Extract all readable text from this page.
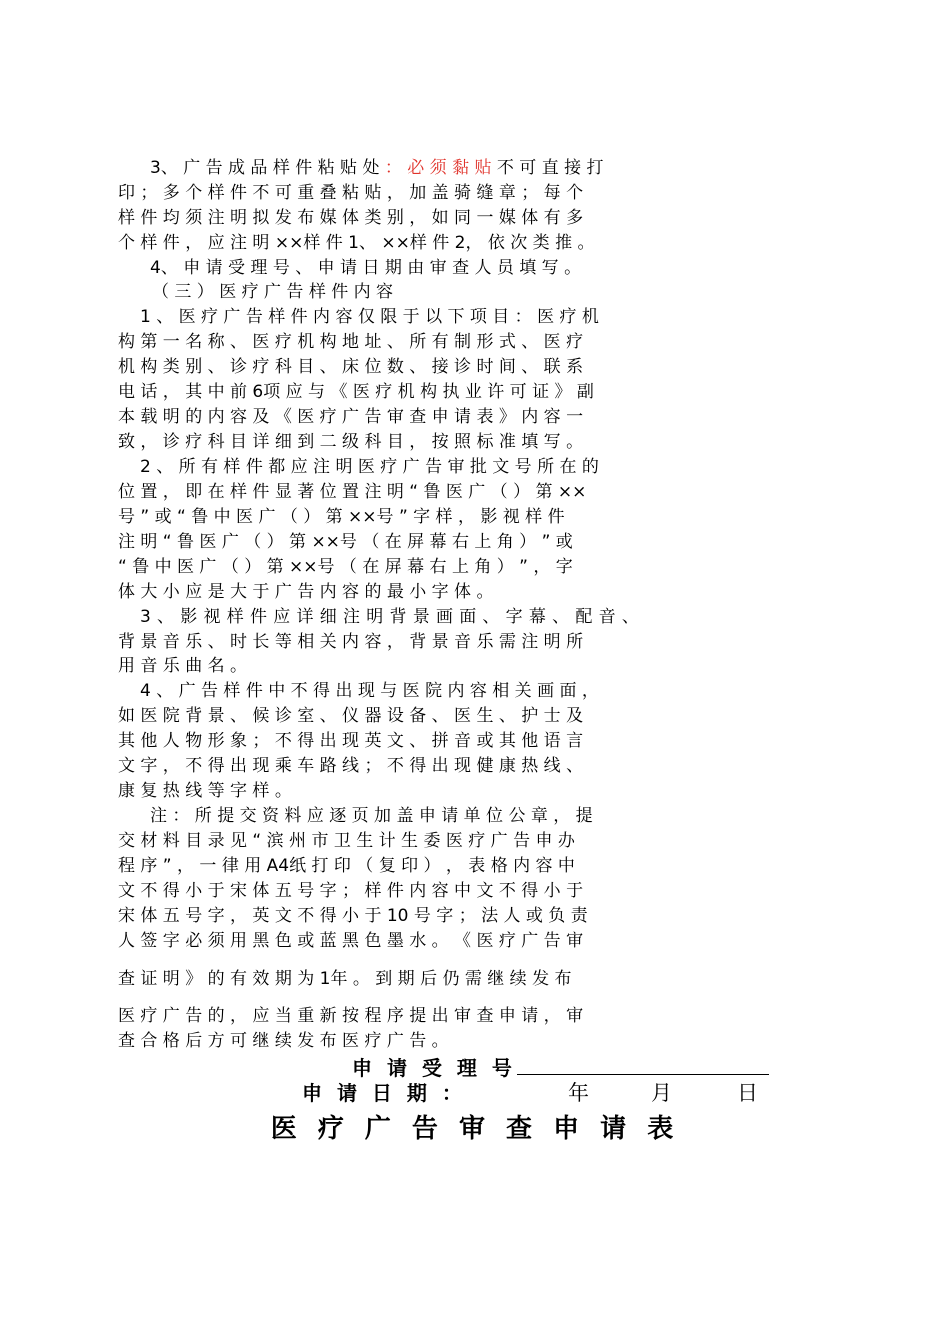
3、 广 告 成 品 样 件 粘 贴 处 ： 必 须 黏 贴 不 可 直 接 打
印 ； 多 个 样 件 不 可 重 叠 粘 贴 ， 加 盖 骑 缝 章 ； 每 个
样 件 均 须 注 明 拟 发 布 媒 体 类 别 ， 如 同 一 媒 体 有 多
个 样 件 ， 应 注 明 ××样 件 1、 ××样 件 2， 依 次 类 推 。
4、 申 请 受 理 号 、 申 请 日 期 由 审 查 人 员 填 写 。
（ 三 ） 医 疗 广 告 样 件 内 容
1 、 医 疗 广 告 样 件 内 容 仅 限 于 以 下 项 目 ： 医 疗 机
构 第 一 名 称 、 医 疗 机 构 地 址 、 所 有 制 形 式 、 医 疗
机 构 类 别 、 诊 疗 科 目 、 床 位 数 、 接 诊 时 间 、 联 系
电 话 ， 其 中 前 6项 应 与 《 医 疗 机 构 执 业 许 可 证 》 副
本 载 明 的 内 容 及 《 医 疗 广 告 审 查 申 请 表 》 内 容 一
致 ， 诊 疗 科 目 详 细 到 二 级 科 目 ， 按 照 标 准 填 写 。
2 、 所 有 样 件 都 应 注 明 医 疗 广 告 审 批 文 号 所 在 的
位 置 ， 即 在 样 件 显 著 位 置 注 明 “ 鲁 医 广 （ ） 第 ××
号 ” 或 “ 鲁 中 医 广 （ ） 第 ××号 ” 字 样 ， 影 视 样 件
注 明 “ 鲁 医 广 （ ） 第 ××号 （ 在 屏 幕 右 上 角 ） ” 或
“ 鲁 中 医 广 （ ） 第 ××号 （ 在 屏 幕 右 上 角 ） ” ， 字
体 大 小 应 是 大 于 广 告 内 容 的 最 小 字 体 。
3 、 影 视 样 件 应 详 细 注 明 背 景 画 面 、 字 幕 、 配 音 、
背 景 音 乐 、 时 长 等 相 关 内 容 ， 背 景 音 乐 需 注 明 所
用 音 乐 曲 名 。
4 、 广 告 样 件 中 不 得 出 现 与 医 院 内 容 相 关 画 面 ，
如 医 院 背 景 、 候 诊 室 、 仪 器 设 备 、 医 生 、 护 士 及
其 他 人 物 形 象 ； 不 得 出 现 英 文 、 拼 音 或 其 他 语 言
文 字 ， 不 得 出 现 乘 车 路 线 ； 不 得 出 现 健 康 热 线 、
康 复 热 线 等 字 样 。
注 ： 所 提 交 资 料 应 逐 页 加 盖 申 请 单 位 公 章 ， 提
交 材 料 目 录 见 “ 滨 州 市 卫 生 计 生 委 医 疗 广 告 申 办
程 序 ” ， 一 律 用 A4纸 打 印 （ 复 印 ） ， 表 格 内 容 中
文 不 得 小 于 宋 体 五 号 字 ； 样 件 内 容 中 文 不 得 小 于
宋 体 五 号 字 ， 英 文 不 得 小 于 10 号 字 ； 法 人 或 负 责
人 签 字 必 须 用 黑 色 或 蓝 黑 色 墨 水 。 《 医 疗 广 告 审
查 证 明 》 的 有 效 期 为 1年 。 到 期 后 仍 需 继 续 发 布
医 疗 广 告 的 ， 应 当 重 新 按 程 序 提 出 审 查 申 请 ， 审
查 合 格 后 方 可 继 续 发 布 医 疗 广 告 。
申 请 受 理 号
申 请 日 期 ：	年	月	日
医 疗 广 告 审 查 申 请 表
